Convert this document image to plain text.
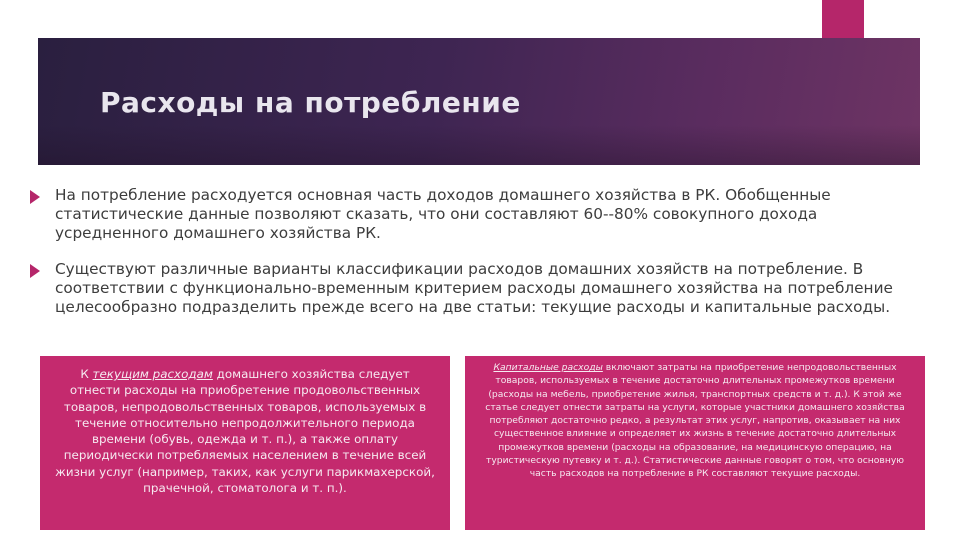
Расходы на потребление
На потребление расходуется основная часть доходов домашнего хозяйства в РК. Обобщенные статистические данные позволяют сказать, что они составляют 60--80% совокупного дохода усредненного домашнего хозяйства РК.
Существуют различные варианты классификации расходов домашних хозяйств на потребление. В соответствии с функционально-временным критерием расходы домашнего хозяйства на потребление целесообразно подразделить прежде всего на две статьи: текущие расходы и капитальные расходы.
К текущим расходам домашнего хозяйства следует отнести расходы на приобретение продовольственных товаров, непродовольственных товаров, используемых в течение относительно непродолжительного периода времени (обувь, одежда и т. п.), а также оплату периодически потребляемых населением в течение всей жизни услуг (например, таких, как услуги парикмахерской, прачечной, стоматолога и т. п.).
Капитальные расходы включают затраты на приобретение непродовольственных товаров, используемых в течение достаточно длительных промежутков времени (расходы на мебель, приобретение жилья, транспортных средств и т. д.). К этой же статье следует отнести затраты на услуги, которые участники домашнего хозяйства потребляют достаточно редко, а результат этих услуг, напротив, оказывает на них существенное влияние и определяет их жизнь в течение достаточно длительных промежутков времени (расходы на образование, на медицинскую операцию, на туристическую путевку и т. д.). Статистические данные говорят о том, что основную часть расходов на потребление в РК составляют текущие расходы.
